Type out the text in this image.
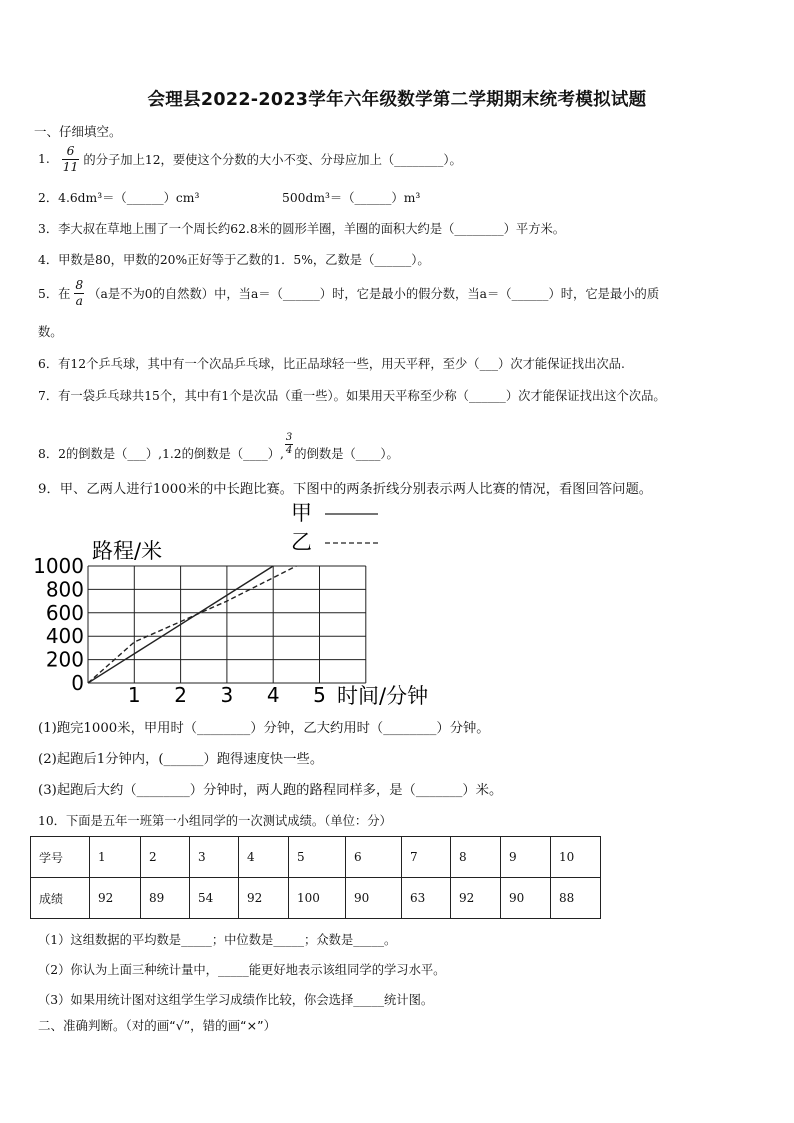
会理县2022-2023学年六年级数学第二学期期末统考模拟试题
一、仔细填空。
1. $\frac{6}{11}$ 的分子加上12，要使这个分数的大小不变、分母应加上（________）。
2．4.6dm³＝（______）cm³	500dm³＝（______）m³
3．李大叔在草地上围了一个周长约62.8米的圆形羊圈，羊圈的面积大约是（________）平方米。
4．甲数是80，甲数的20%正好等于乙数的1．5%，乙数是（______）。
5．在 $\frac{8}{a} (a$是不为0的自然数）中，当a＝（______）时，它是最小的假分数，当a＝（______）时，它是最小的质
数。
6．有12个乒乓球，其中有一个次品乒乓球，比正品球轻一些，用天平秤，至少（___）次才能保证找出次品.
7．有一袋乒乓球共15个，其中有1个是次品（重一些）。如果用天平称至少称（______）次才能保证找出这个次品。
8．2的倒数是（___）,1.2的倒数是（____）, $\frac{3}{4}$ 的倒数是（____）。
9．甲、乙两人进行1000米的中长跑比赛。下图中的两条折线分别表示两人比赛的情况，看图回答问题。
0
200
400
600
800
1000
1 2 3 4 5
路程/米
时间/分钟
甲
乙
(1)跑完1000米，甲用时（________）分钟，乙大约用时（________）分钟。
(2)起跑后1分钟内，(______）跑得速度快一些。
(3)起跑后大约（________）分钟时，两人跑的路程同样多，是（_______）米。
10．下面是五年一班第一小组同学的一次测试成绩。（单位：分）
学号	1	2	3	4	5	6	7	8	9	10
成绩	92	89	54	92	100	90	63	92	90	88
（1）这组数据的平均数是_____；中位数是_____；众数是_____。
（2）你认为上面三种统计量中，_____能更好地表示该组同学的学习水平。
（3）如果用统计图对这组学生学习成绩作比较，你会选择_____统计图。
二、准确判断。（对的画“√”，错的画“×”）
